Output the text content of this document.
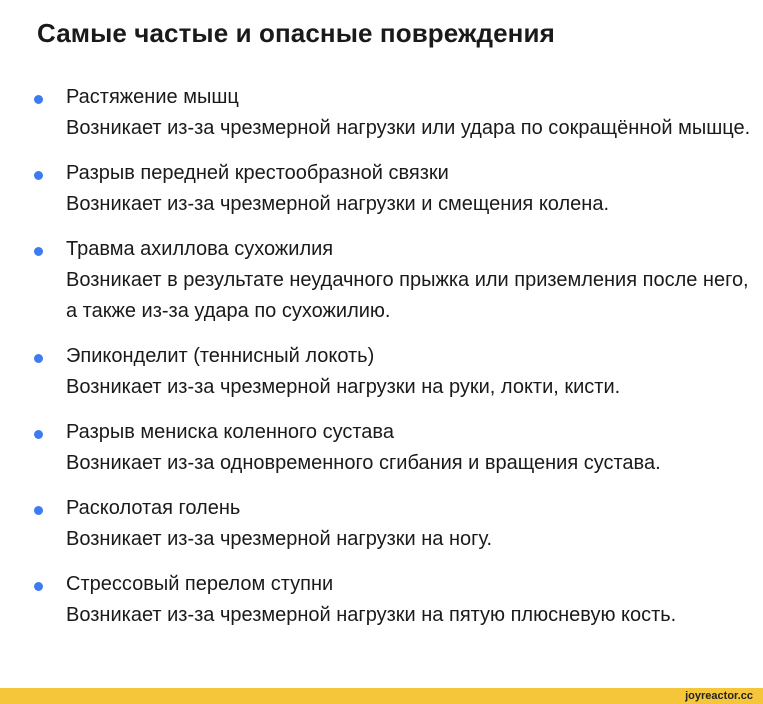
Самые частые и опасные повреждения
Растяжение мышц
Возникает из-за чрезмерной нагрузки или удара по сокращённой мышце.
Разрыв передней крестообразной связки
Возникает из-за чрезмерной нагрузки и смещения колена.
Травма ахиллова сухожилия
Возникает в результате неудачного прыжка или приземления после него, а также из-за удара по сухожилию.
Эпиконделит (теннисный локоть)
Возникает из-за чрезмерной нагрузки на руки, локти, кисти.
Разрыв мениска коленного сустава
Возникает из-за одновременного сгибания и вращения сустава.
Расколотая голень
Возникает из-за чрезмерной нагрузки на ногу.
Стрессовый перелом ступни
Возникает из-за чрезмерной нагрузки на пятую плюсневую кость.
joyreactor.cc
